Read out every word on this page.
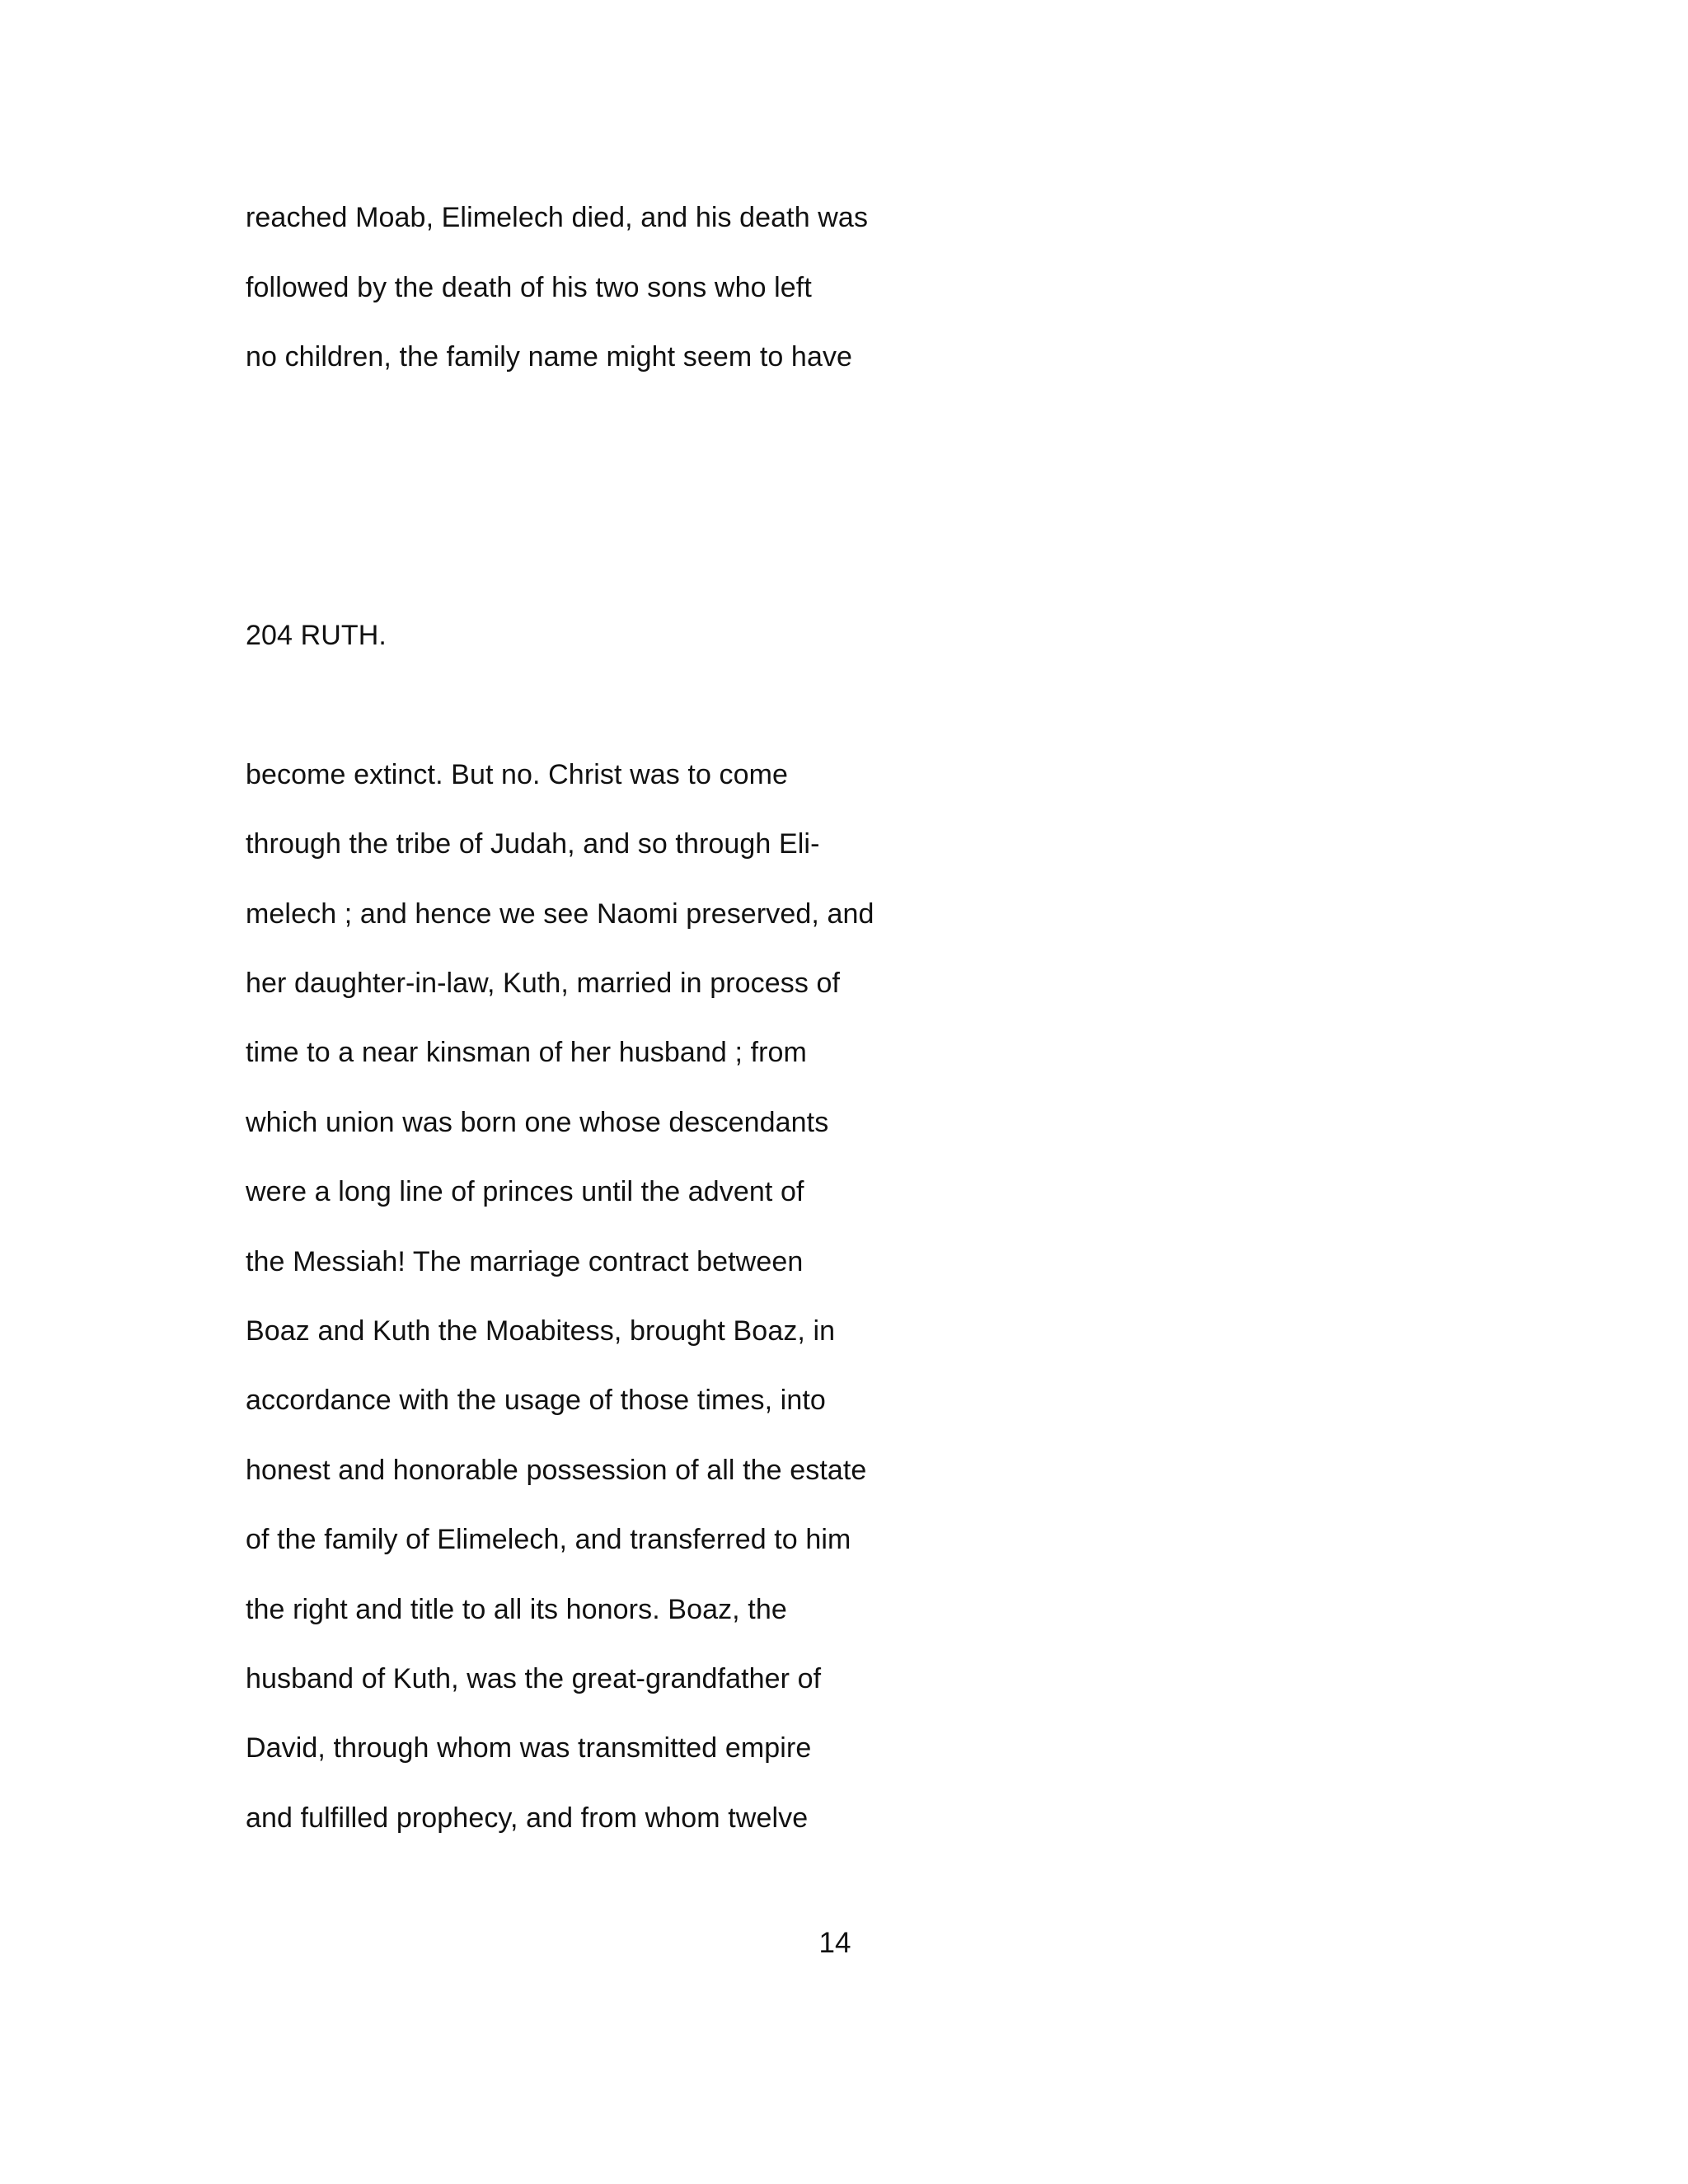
reached Moab, Elimelech died, and his death was
followed by the death of his two sons who left
no children, the family name might seem to have
204 RUTH.
become extinct. But no. Christ was to come
through the tribe of Judah, and so through Eli-
melech ; and hence we see Naomi preserved, and
her daughter-in-law, Kuth, married in process of
time to a near kinsman of her husband ; from
which union was born one whose descendants
were a long line of princes until the advent of
the Messiah! The marriage contract between
Boaz and Kuth the Moabitess, brought Boaz, in
accordance with the usage of those times, into
honest and honorable possession of all the estate
of the family of Elimelech, and transferred to him
the right and title to all its honors. Boaz, the
husband of Kuth, was the great-grandfather of
David, through whom was transmitted empire
and fulfilled prophecy, and from whom twelve
14
